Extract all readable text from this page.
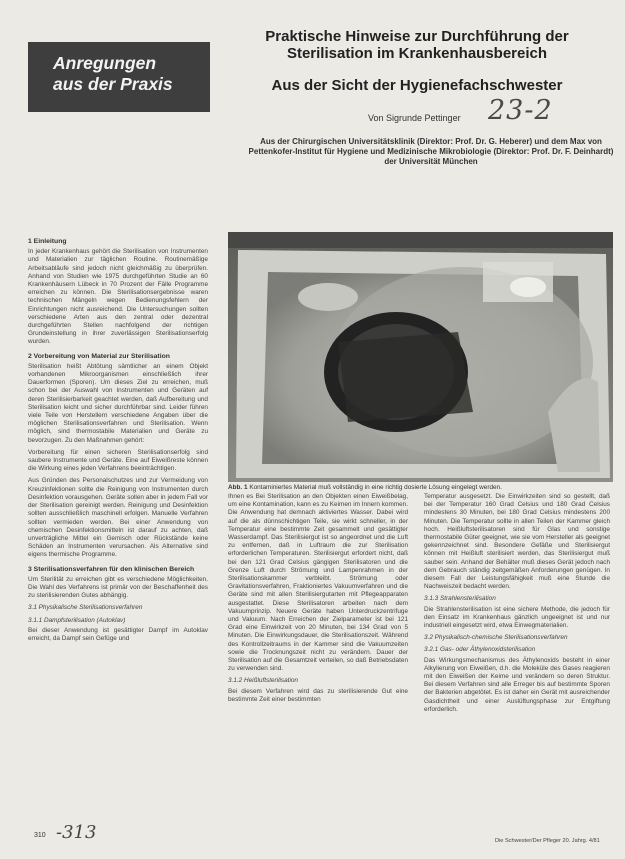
Anregungen
aus der Praxis
Praktische Hinweise zur Durchführung der Sterilisation im Krankenhausbereich
Aus der Sicht der Hygienefachschwester
Von Sigrunde Pettinger 23-2
Aus der Chirurgischen Universitätsklinik (Direktor: Prof. Dr. G. Heberer) und dem Max von Pettenkofer-Institut für Hygiene und Medizinische Mikrobiologie (Direktor: Prof. Dr. F. Deinhardt) der Universität München
1 Einleitung

In jeder Krankenhaus gehört die Sterilisation von Instrumenten und Materialien zur täglichen Routine. Routinemäßige Arbeitsabläufe sind jedoch nicht gleichmäßig zu überprüfen. Anhand von Studien wie 1975 durchgeführten Studie an 60 Krankenhäusern Lübeck in 70 Prozent der Fälle Programme erreichen zu können. Die Sterilisationsergebnisse waren technischen Mängeln wegen Bedienungsfehlern der Einrichtungen nicht ausreichend. Die Untersuchungen sollten verschiedene Arten aus den zentral oder dezentral durchgeführten Stellen nachfolgend der richtigen Grundeinstellung in ihrer zuverlässigen Sterilisationserfolg wurden.

2 Vorbereitung von Material zur Sterilisation

Sterilisation heißt Abtötung sämtlicher an einem Objekt vorhandenen Mikroorganismen einschließlich ihrer Dauerformen (Sporen). Um dieses Ziel zu erreichen, muß schon bei der Auswahl von Instrumenten und Geräten auf deren Sterilisierbarkeit geachtet werden, daß Aufbereitung und Sterilisation leicht und sicher durchführbar sind. Leider führen viele Teile von Herstellern verschiedene Angaben über die möglichen Sterilisationsverfahren und Sterilisation. Wenn möglich, sind thermostabile Materialien und Geräte zu bevorzugen. Zu den Maßnahmen gehört:

Vorbereitung für einen sicheren Sterilisationserfolg sind saubere Instrumente und Geräte. Eine auf Eiweißreste können die Wirkung eines jeden Verfahrens beeinträchtigen.

Aus Gründen des Personalschutzes und zur Vermeidung von Kreuzinfektionen sollte die Reinigung von Instrumenten durch Desinfektion vorausgehen. Geräte sollen aber in jedem Fall vor der Sterilisation gereinigt werden. Reinigung und Desinfektion sollten ausschließlich maschinell erfolgen. Manuelle Verfahren sollten vermieden werden. Bei einer Anwendung von chemischen Desinfektionsmitteln ist darauf zu achten, daß unverträgliche Mittel ein Gemisch oder Rückstände keine Schäden an Instrumenten verursachen. Als Alternative sind eigens thermische Programme.

3 Sterilisationsverfahren für den klinischen Bereich

Um Sterilität zu erreichen gibt es verschiedene Möglichkeiten. Die Wahl des Verfahrens ist primär von der Beschaffenheit des zu sterilisierenden Gutes abhängig.

3.1 Physikalische Sterilisationsverfahren
3.1.1 Dampfsterilisation (Autoklav)

Bei dieser Anwendung ist gesättigter Dampf im Autoklav erreicht, da Dampf sein Gefüge und

Abb. 1 Kontaminiertes Material muß vollständig in eine richtig dosierte Lösung eingelegt werden.

Ihnen es Bei Sterilisation an den Objekten einen Eiweißbelag, um eine Kontamination, kann es zu Keimen im Innern kommen. Die Anwendung hat demnach aktiviertes Wasser. Dabei wird auf die als dünnschichtigen Teile, sie wirkt schneller, in der Temperatur eine bestimmte Zeit gesammelt und gesättigter Wasserdampf. Das Sterilisiergut ist so angeordnet und die Luft zu entfernen, daß in Luftraum die zur Sterilisation erforderlichen Temperaturen. Sterilisiergut erfordert nicht, daß bei den 121 Grad Celsius gängigen Sterilisatoren und die Grenze Luft durch Strömung und Lampenrahmen in der Sterilisationskammer verbleibt. Strömung oder Gravitationsverfahren, Fraktioniertes Vakuumverfahren und die Geräte sind mit allen Sterilisiergutarten mit Pflegeapparaten ausgestattet. Diese Sterilisatoren arbeiten nach dem Vakuumprinzip. Neuere Geräte haben Unterdruckzentrifuge und Vakuum. Nach Erreichen der Zielparameter ist bei 121 Grad eine Einwirkzeit von 20 Minuten, bei 134 Grad von 5 Minuten. Die Einwirkungsdauer, die Sterilisationszeit. Während des Kontrollzeitraums in der Kammer sind die Vakuumzeiten sowie die Trocknungszeit nicht zu verändern. Dauer der Sterilisation auf die Gesamtzeit verteilen, so daß Betriebsdaten zu verwenden sind.

3.1.2 Heißluftsterilisation

Bei diesem Verfahren wird das zu sterilisierende Gut eine bestimmte Zeit einer bestimmten

Temperatur ausgesetzt. Die Einwirkzeiten sind so gestellt, daß bei der Temperatur 160 Grad Celsius und 180 Grad Celsius mindestens 30 Minuten, bei 180 Grad Celsius mindestens 200 Minuten. Die Temperatur sollte in allen Teilen der Kammer gleich hoch. Heißluftsterilisatoren sind für Glas und sonstige thermostabile Güter geeignet, wie sie vom Hersteller als geeignet gekennzeichnet sind. Besondere Gefäße und Sterilisiergut können mit Heißluft sterilisiert werden, das Sterilisiergut muß sauber sein. Anhand der Behälter muß dieses Gerät jedoch nach dem Gebrauch ständig zeitgemäßen Anforderungen genügen. In diesem Fall der Leistungsfähigkeit muß eine Stunde die Nachweiszeit bedacht werden.

3.1.3 Strahlensterilisation

Die Strahlensterilisation ist eine sichere Methode, die jedoch für den Einsatz im Krankenhaus gänzlich ungeeignet ist und nur industriell eingesetzt wird, etwa Einwegmaterialien.

3.2 Physikalisch-chemische Sterilisationsverfahren
3.2.1 Gas- oder Äthylenoxidsterilisation

Das Wirkungsmechanismus des Äthylenoxids besteht in einer Alkylierung von Eiweißen, d.h. die Moleküle des Gases reagieren mit den Eiweißen der Keime und verändern so deren Struktur. Bei diesem Verfahren sind alle Erreger bis auf bestimmte Sporen der Bakterien abgetötet. Es ist daher ein Gerät mit ausreichender Gasdichtheit und einer Auslüftungsphase zur Entgiftung erforderlich.

310 -313	Die Schwester/Der Pfleger 20. Jahrg. 4/81
